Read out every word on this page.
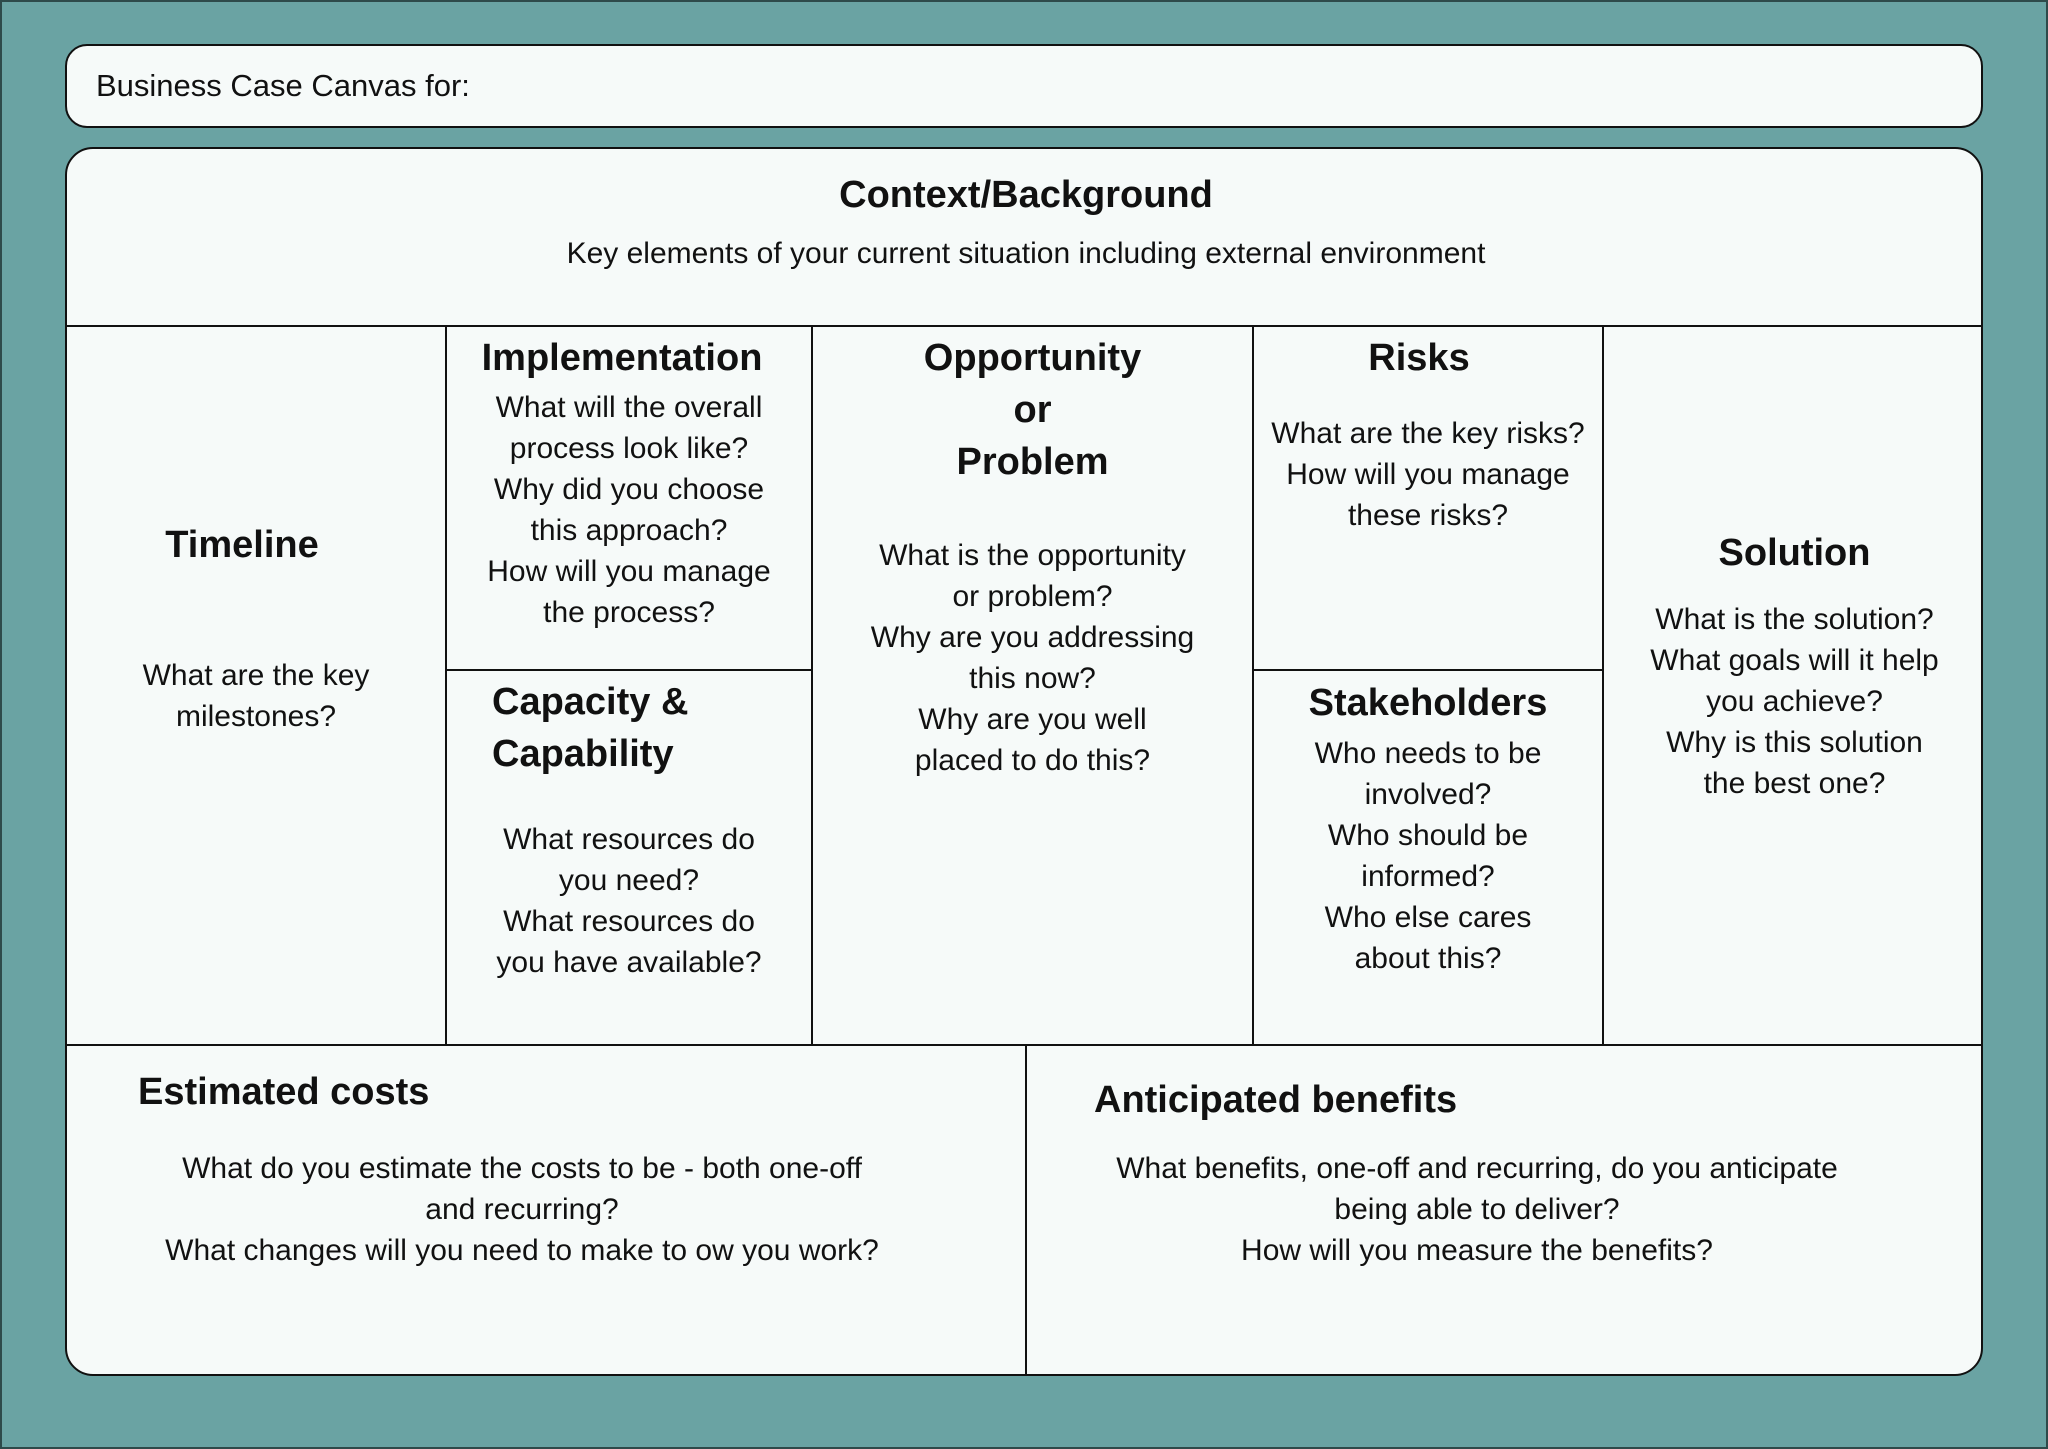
Business Case Canvas for:
Context/Background
Key elements of your current situation including external environment
Timeline
What are the key
milestones?
Implementation
What will the overall
process look like?
Why did you choose
this approach?
How will you manage
the process?
Capacity &
Capability
What resources do
you need?
What resources do
you have available?
Opportunity
or
Problem
What is the opportunity
or problem?
Why are you addressing
this now?
Why are you well
placed to do this?
Risks
What are the key risks?
How will you manage
these risks?
Stakeholders
Who needs to be
involved?
Who should be
informed?
Who else cares
about this?
Solution
What is the solution?
What goals will it help
you achieve?
Why is this solution
the best one?
Estimated costs
What do you estimate the costs to be - both one-off
and recurring?
What changes will you need to make to ow you work?
Anticipated benefits
What benefits, one-off and recurring, do you anticipate
being able to deliver?
How will you measure the benefits?
